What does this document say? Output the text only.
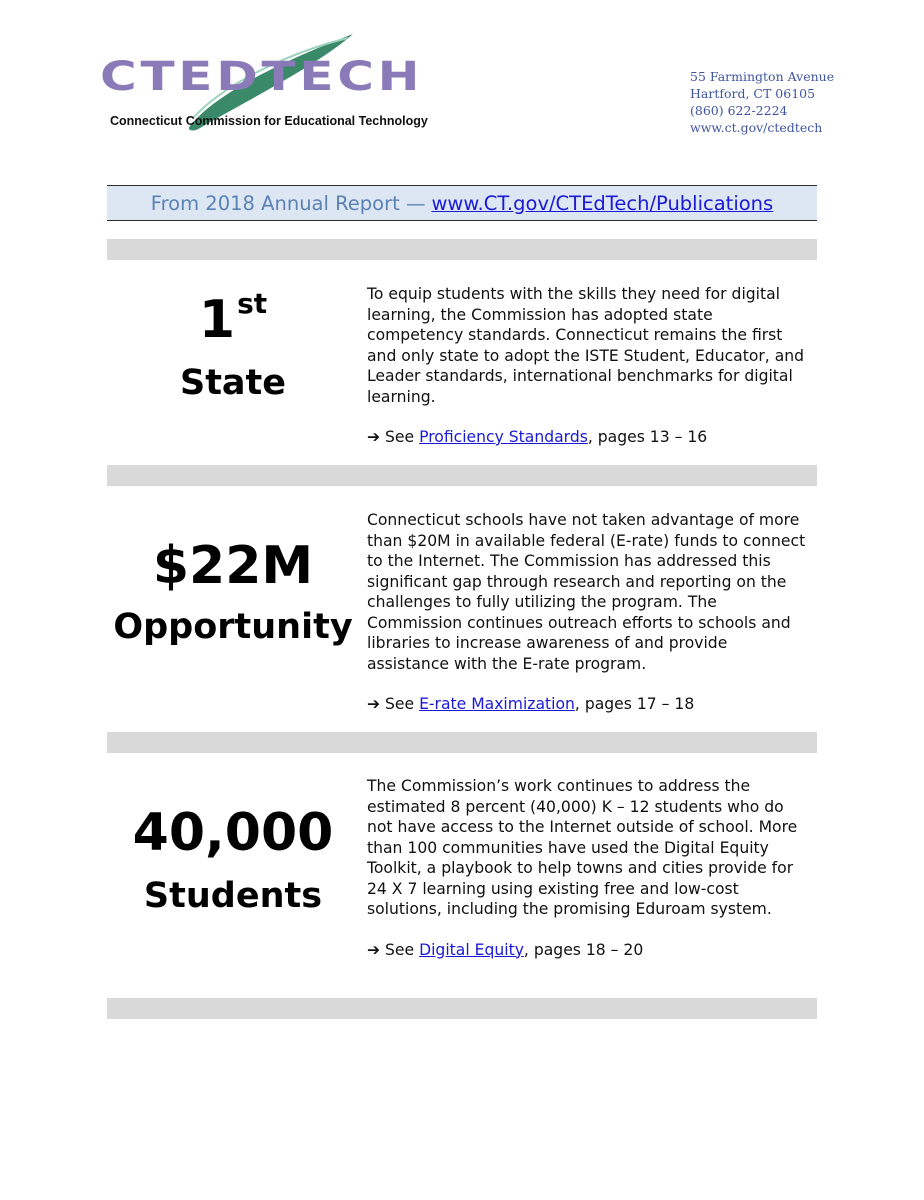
CTEDTECH
Connecticut Commission for Educational Technology
55 Farmington Avenue
Hartford, CT 06105
(860) 622-2224
www.ct.gov/ctedtech
From 2018 Annual Report — www.CT.gov/CTEdTech/Publications
1st
State
To equip students with the skills they need for digital learning, the Commission has adopted state competency standards. Connecticut remains the first and only state to adopt the ISTE Student, Educator, and Leader standards, international benchmarks for digital learning.
➔ See Proficiency Standards, pages 13 – 16
$22M
Opportunity
Connecticut schools have not taken advantage of more than $20M in available federal (E-rate) funds to connect to the Internet. The Commission has addressed this significant gap through research and reporting on the challenges to fully utilizing the program. The Commission continues outreach efforts to schools and libraries to increase awareness of and provide assistance with the E-rate program.
➔ See E-rate Maximization, pages 17 – 18
40,000
Students
The Commission’s work continues to address the estimated 8 percent (40,000) K – 12 students who do not have access to the Internet outside of school. More than 100 communities have used the Digital Equity Toolkit, a playbook to help towns and cities provide for 24 X 7 learning using existing free and low-cost solutions, including the promising Eduroam system.
➔ See Digital Equity, pages 18 – 20
